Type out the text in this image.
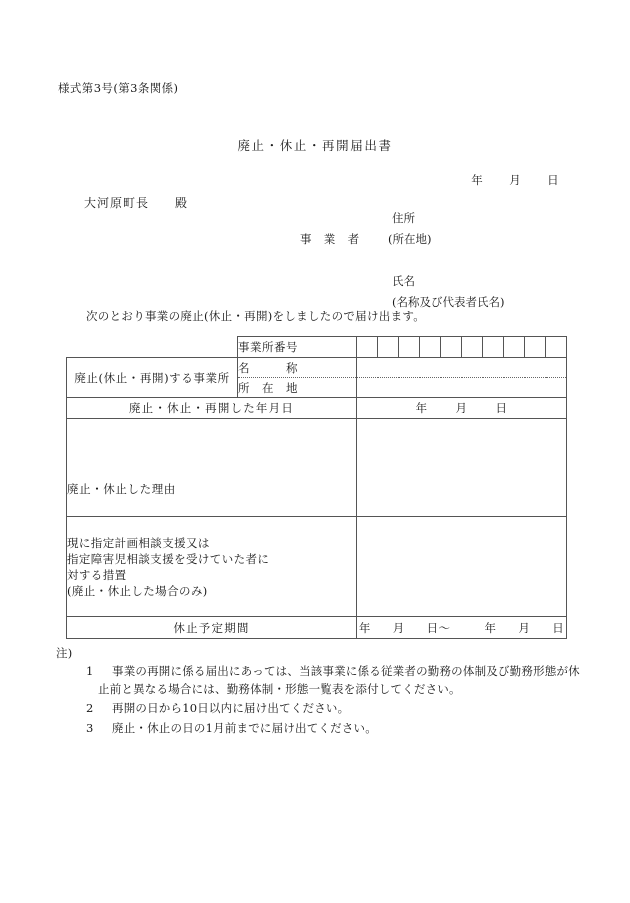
様式第3号(第3条関係)
廃止・休止・再開届出書
年 月 日
大河原町長 殿
住所
事　業　者 (所在地)
氏名
(名称及び代表者氏名)
次のとおり事業の廃止(休止・再開)をしましたので届け出ます。
	事業所番号										
廃止(休止・再開)する事業所	名　　　称										
	所　在　地										
廃止・休止・再開した年月日		年 月 日									

廃止・休止した理由											

現に指定計画相談支援又は
指定障害児相談支援を受けていた者に
対する措置
(廃止・休止した場合のみ)											

休止予定期間		年 月 日～ 年 月 日									
注)
1 事業の再開に係る届出にあっては、当該事業に係る従業者の勤務の体制及び勤務形態が休
止前と異なる場合には、勤務体制・形態一覧表を添付してください。
2 再開の日から10日以内に届け出てください。
3 廃止・休止の日の1月前までに届け出てください。
